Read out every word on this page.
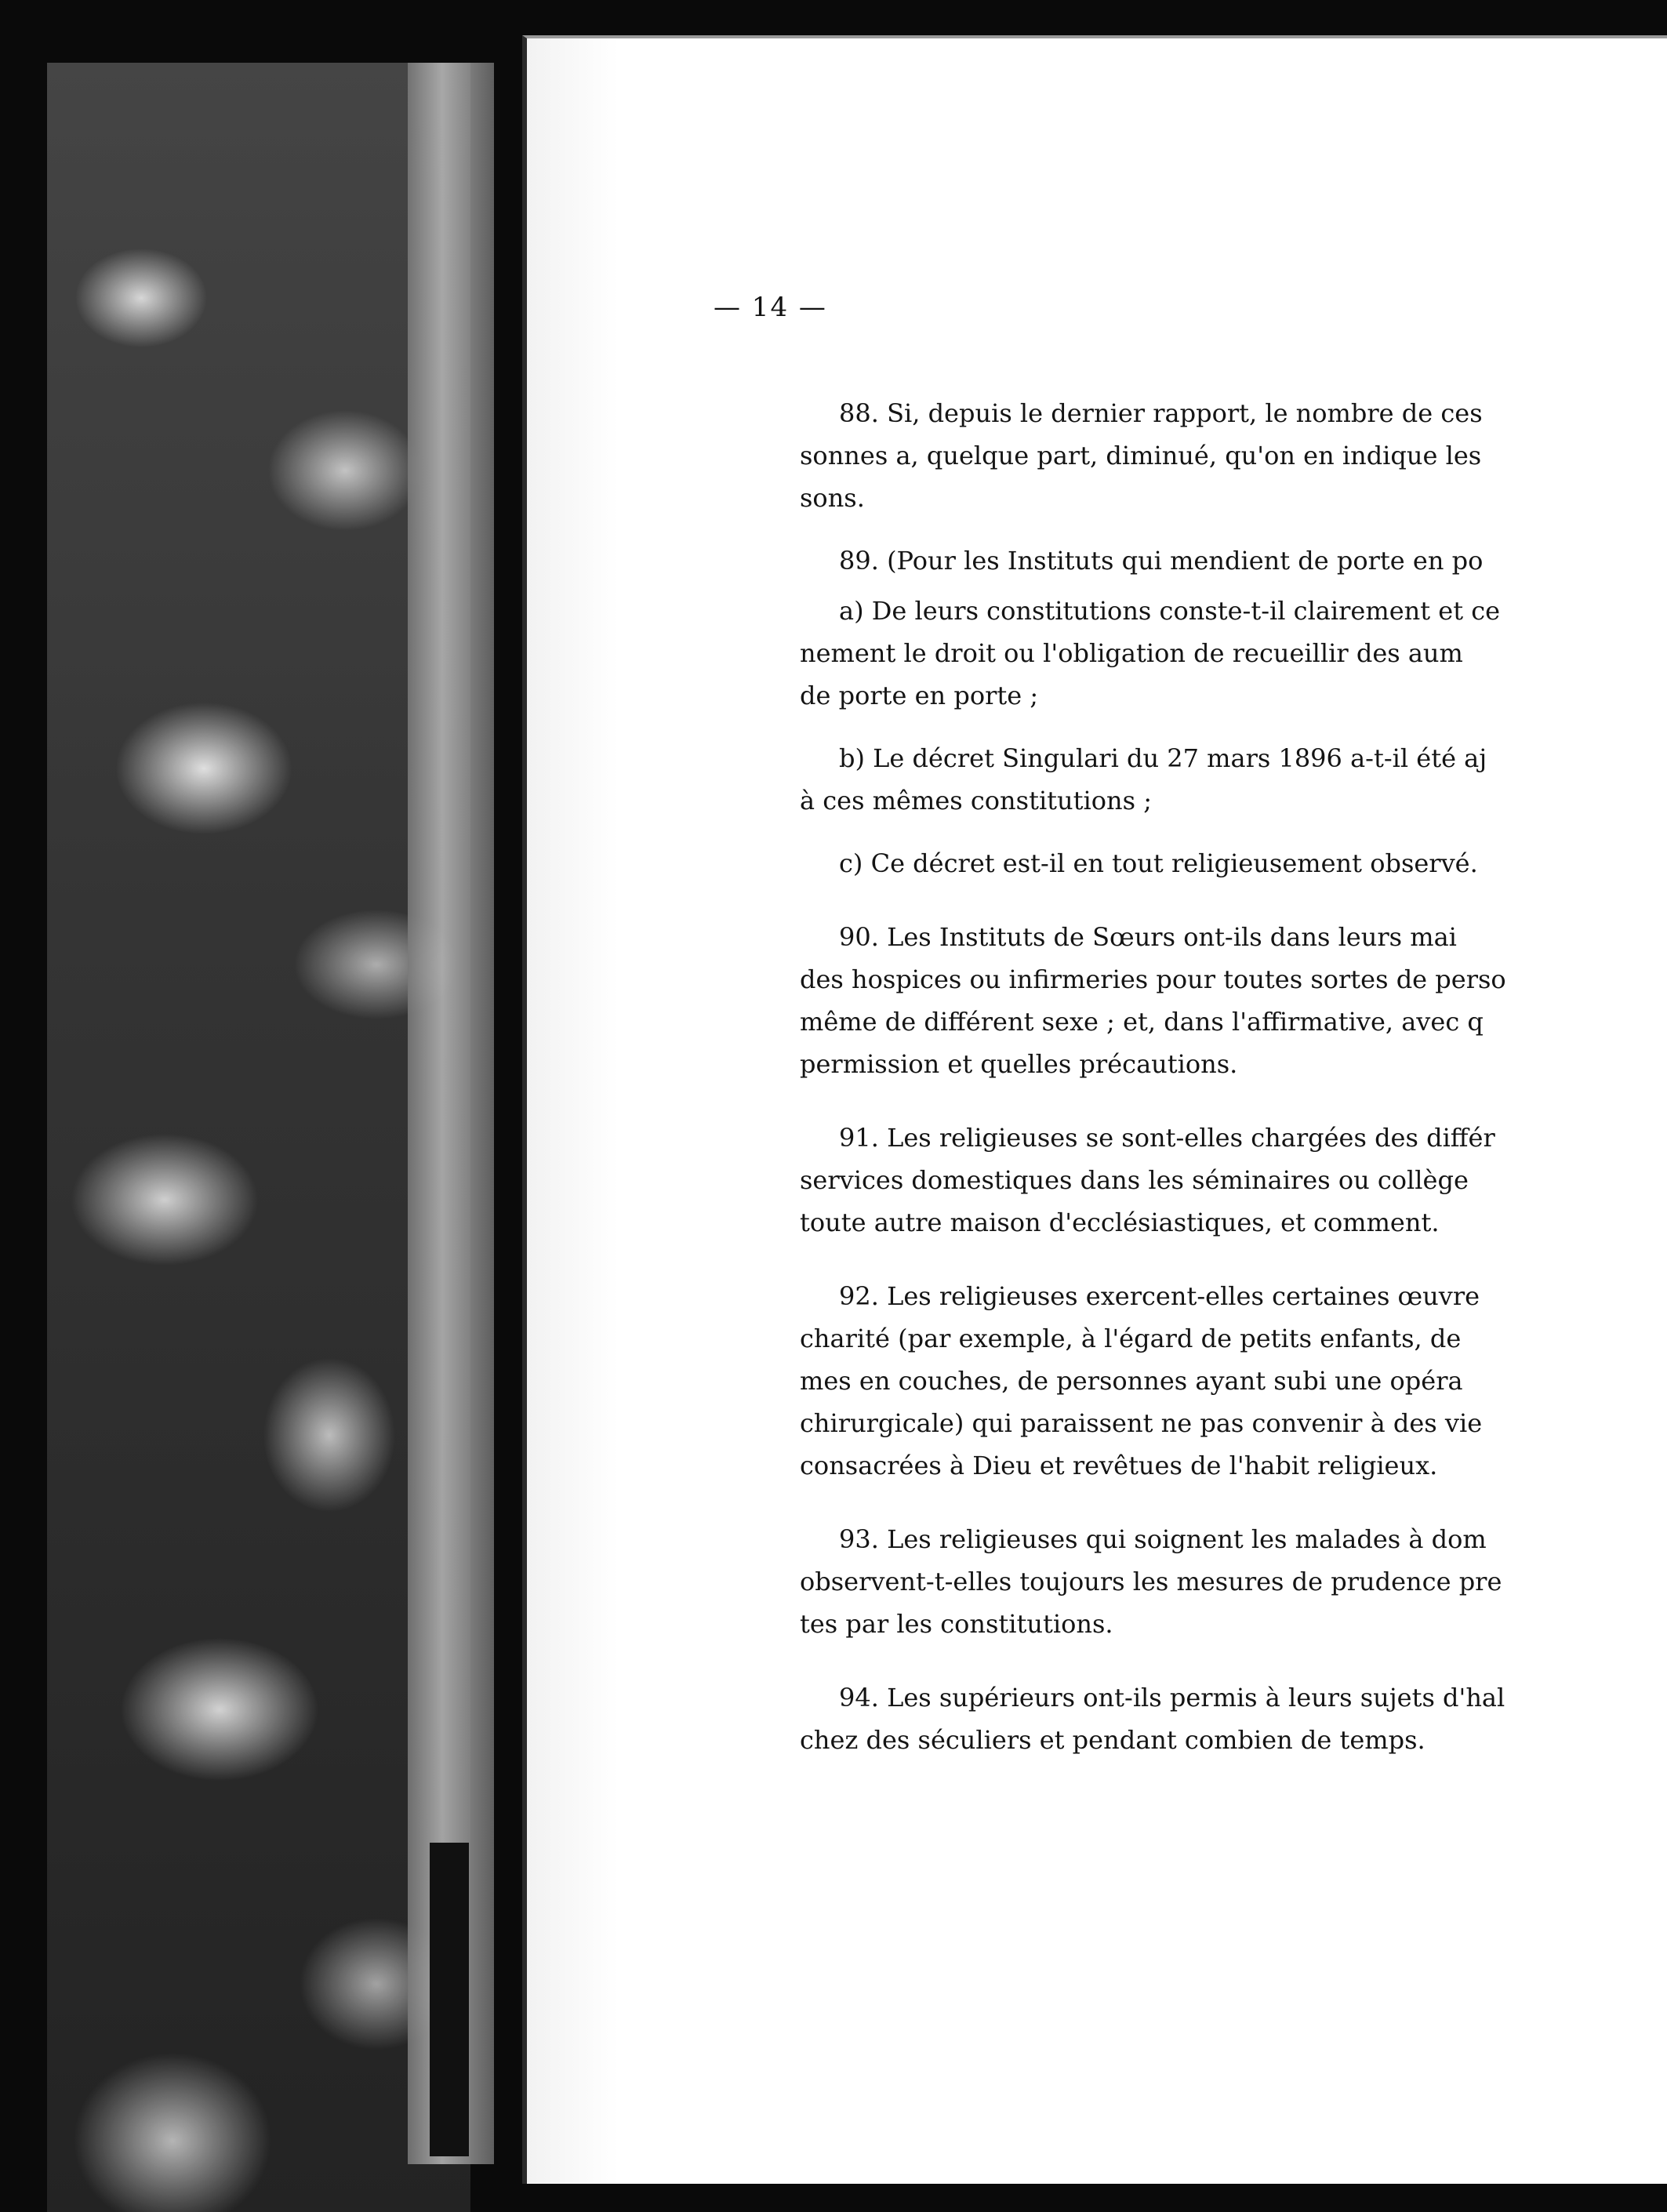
— 14 —
88. Si, depuis le dernier rapport, le nombre de ces
sonnes a, quelque part, diminué, qu'on en indique les
sons.
89. (Pour les Instituts qui mendient de porte en po
a) De leurs constitutions conste-t-il clairement et ce
nement le droit ou l'obligation de recueillir des aum
de porte en porte ;
b) Le décret Singulari du 27 mars 1896 a-t-il été aj
à ces mêmes constitutions ;
c) Ce décret est-il en tout religieusement observé.
90. Les Instituts de Sœurs ont-ils dans leurs mai
des hospices ou infirmeries pour toutes sortes de perso
même de différent sexe ; et, dans l'affirmative, avec q
permission et quelles précautions.
91. Les religieuses se sont-elles chargées des différ
services domestiques dans les séminaires ou collège
toute autre maison d'ecclésiastiques, et comment.
92. Les religieuses exercent-elles certaines œuvre
charité (par exemple, à l'égard de petits enfants, de
mes en couches, de personnes ayant subi une opéra
chirurgicale) qui paraissent ne pas convenir à des vie
consacrées à Dieu et revêtues de l'habit religieux.
93. Les religieuses qui soignent les malades à dom
observent-t-elles toujours les mesures de prudence pre
tes par les constitutions.
94. Les supérieurs ont-ils permis à leurs sujets d'hal
chez des séculiers et pendant combien de temps.
